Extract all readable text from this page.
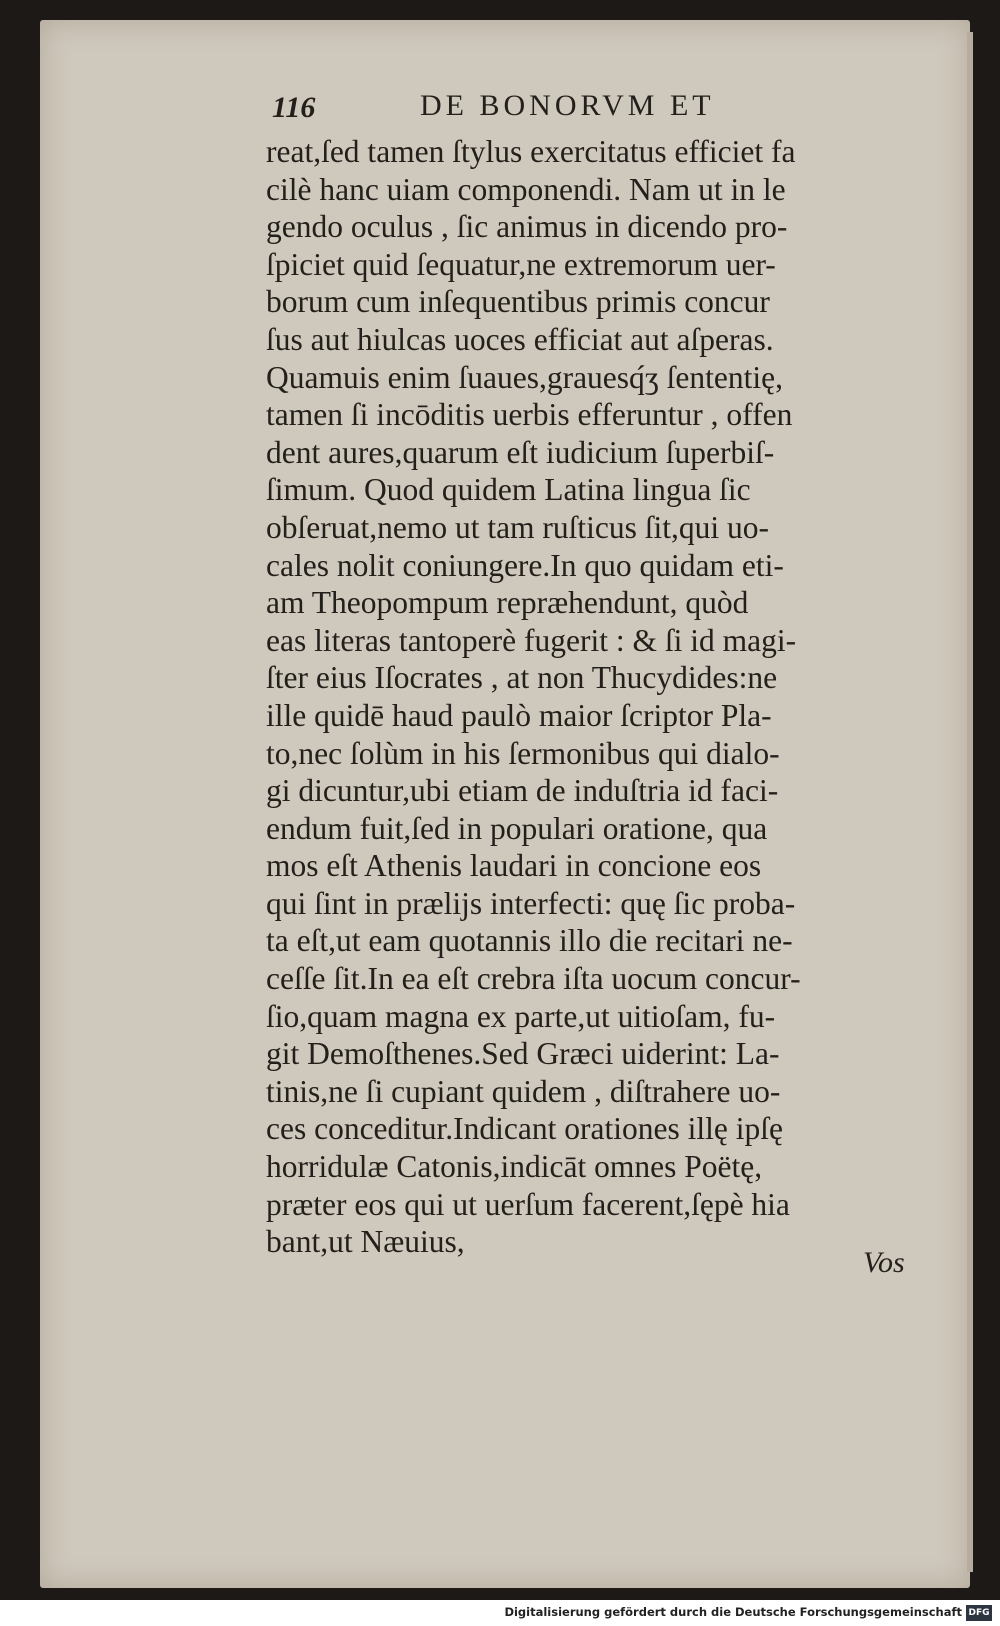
116	DE BONORVM ET
reat,ſed tamen ſtylus exercitatus efficiet fa
cilè hanc uiam componendi. Nam ut in le
gendo oculus , ſic animus in dicendo pro-
ſpiciet quid ſequatur,ne extremorum uer-
borum cum inſequentibus primis concur
ſus aut hiulcas uoces efficiat aut aſperas.
Quamuis enim ſuaues,grauesq́ʒ ſententię,
tamen ſi incōditis uerbis efferuntur , offen
dent aures,quarum eſt iudicium ſuperbiſ-
ſimum. Quod quidem Latina lingua ſic
obſeruat,nemo ut tam ruſticus ſit,qui uo-
cales nolit coniungere.In quo quidam eti-
am Theopompum repræhendunt, quòd
eas literas tantoperè fugerit : & ſi id magi-
ſter eius Iſocrates , at non Thucydides:ne
ille quidē haud paulò maior ſcriptor Pla-
to,nec ſolùm in his ſermonibus qui dialo-
gi dicuntur,ubi etiam de induſtria id faci-
endum fuit,ſed in populari oratione, qua
mos eſt Athenis laudari in concione eos
qui ſint in prælijs interfecti: quę ſic proba-
ta eſt,ut eam quotannis illo die recitari ne-
ceſſe ſit.In ea eſt crebra iſta uocum concur-
ſio,quam magna ex parte,ut uitioſam, fu-
git Demoſthenes.Sed Græci uiderint: La-
tinis,ne ſi cupiant quidem , diſtrahere uo-
ces conceditur.Indicant orationes illę ipſę
horridulæ Catonis,indicāt omnes Poëtę,
præter eos qui ut uerſum facerent,ſępè hia
bant,ut Næuius,
Vos
Digitalisierung gefördert durch die Deutsche Forschungsgemeinschaft DFG
